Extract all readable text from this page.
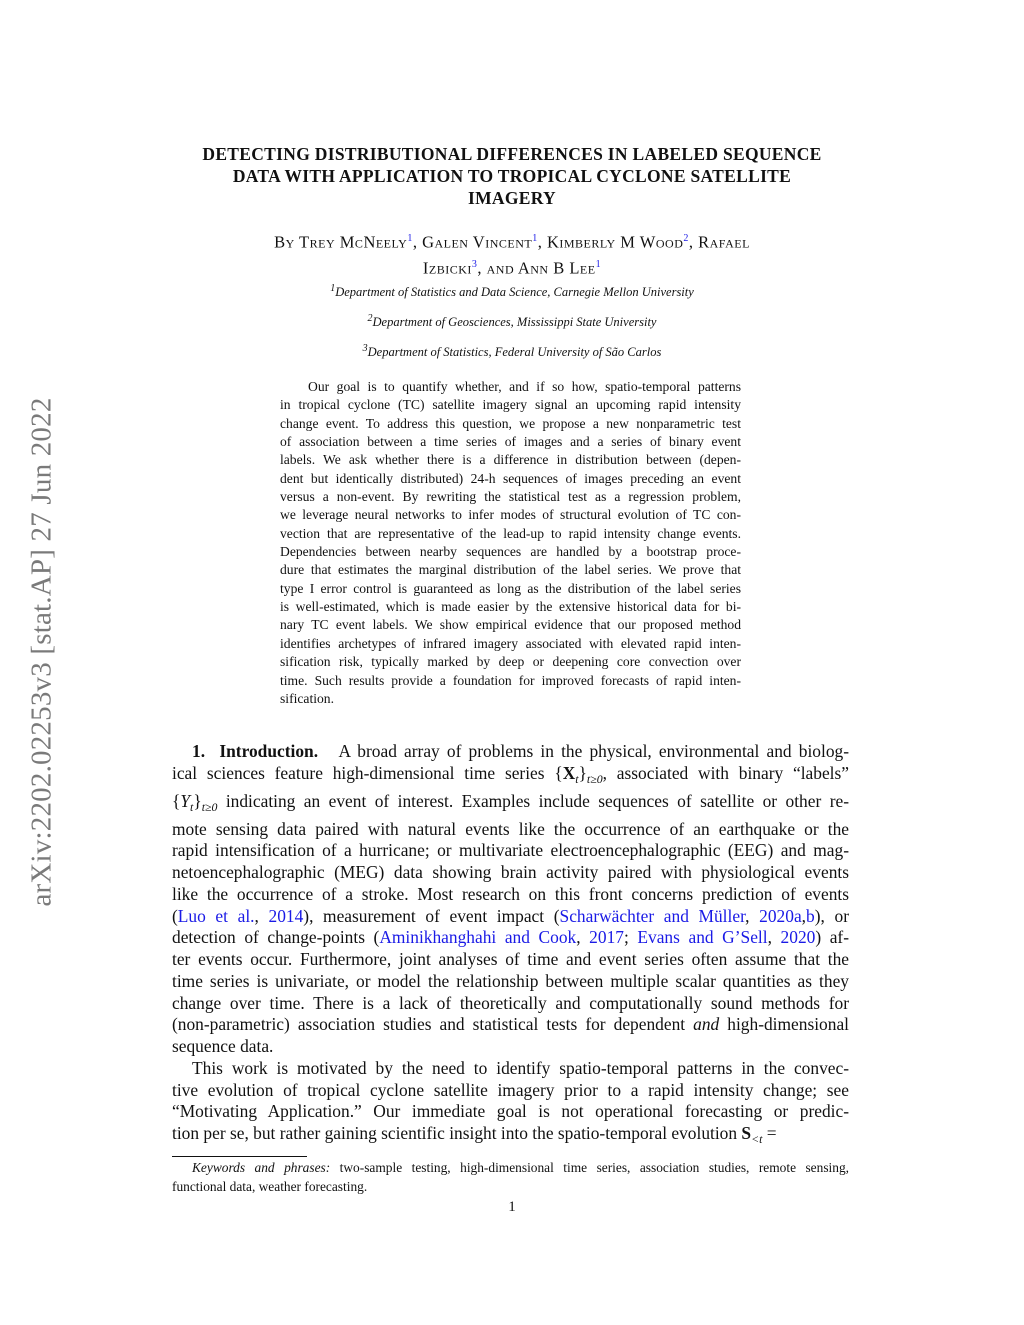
arXiv:2202.02253v3 [stat.AP] 27 Jun 2022
DETECTING DISTRIBUTIONAL DIFFERENCES IN LABELED SEQUENCE
DATA WITH APPLICATION TO TROPICAL CYCLONE SATELLITE
IMAGERY
By Trey McNeely$^1$, Galen Vincent$^1$, Kimberly M Wood$^2$, Rafael
Izbicki$^3$, and Ann B Lee$^1$
$^1$Department of Statistics and Data Science, Carnegie Mellon University
$^2$Department of Geosciences, Mississippi State University
$^3$Department of Statistics, Federal University of São Carlos
Our goal is to quantify whether, and if so how, spatio-temporal patterns
in tropical cyclone (TC) satellite imagery signal an upcoming rapid intensity
change event. To address this question, we propose a new nonparametric test
of association between a time series of images and a series of binary event
labels. We ask whether there is a difference in distribution between (depen-
dent but identically distributed) 24-h sequences of images preceding an event
versus a non-event. By rewriting the statistical test as a regression problem,
we leverage neural networks to infer modes of structural evolution of TC con-
vection that are representative of the lead-up to rapid intensity change events.
Dependencies between nearby sequences are handled by a bootstrap proce-
dure that estimates the marginal distribution of the label series. We prove that
type I error control is guaranteed as long as the distribution of the label series
is well-estimated, which is made easier by the extensive historical data for bi-
nary TC event labels. We show empirical evidence that our proposed method
identifies archetypes of infrared imagery associated with elevated rapid inten-
sification risk, typically marked by deep or deepening core convection over
time. Such results provide a foundation for improved forecasts of rapid inten-
sification.
1.  Introduction.   A broad array of problems in the physical, environmental and biolog-
ical sciences feature high-dimensional time series $\{X_t\}_{t\ge 0}$, associated with binary “labels”
$\{Y_t\}_{t\ge 0}$ indicating an event of interest. Examples include sequences of satellite or other re-
mote sensing data paired with natural events like the occurrence of an earthquake or the
rapid intensification of a hurricane; or multivariate electroencephalographic (EEG) and mag-
netoencephalographic (MEG) data showing brain activity paired with physiological events
like the occurrence of a stroke. Most research on this front concerns prediction of events
(Luo et al., 2014), measurement of event impact (Scharwächter and Müller, 2020a,b), or
detection of change-points (Aminikhanghahi and Cook, 2017; Evans and G’Sell, 2020) af-
ter events occur. Furthermore, joint analyses of time and event series often assume that the
time series is univariate, or model the relationship between multiple scalar quantities as they
change over time. There is a lack of theoretically and computationally sound methods for
(non-parametric) association studies and statistical tests for dependent and high-dimensional
sequence data.
This work is motivated by the need to identify spatio-temporal patterns in the convec-
tive evolution of tropical cyclone satellite imagery prior to a rapid intensity change; see
“Motivating Application.” Our immediate goal is not operational forecasting or predic-
tion per se, but rather gaining scientific insight into the spatio-temporal evolution $S_{<t}$ =
Keywords and phrases: two-sample testing, high-dimensional time series, association studies, remote sensing,
functional data, weather forecasting.
1
